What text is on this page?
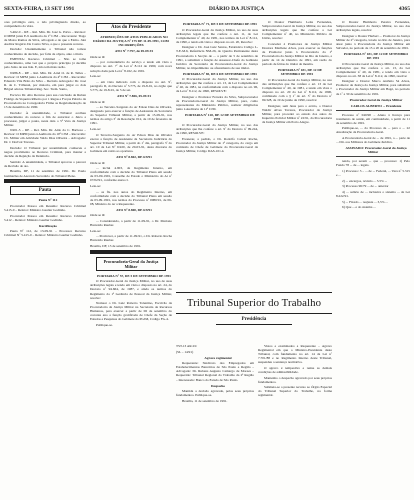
SEXTA-FEIRA, 13 SET 1991	DIÁRIO DA JUSTIÇA	4365

ores privilégio está, o não privilegiando direito, ao companheiro da vista.

5.462-0 – RE – Rel. Min. Dr. José G. Paiva – Revisor: O MPM junta E-9 Auditoria da 1ª CJM – Recorrente: Tiago de Matos Ramos da Silva, advogado e de que o Exmo. Juiz Auditor Rogério De Castro Silva, a que o presente recurso.

Decisão: Unanimemente o Tribunal não tomou conhecimento da decisão, por falta de objeto, ante o título.

EMENTA: Recurso Criminal – Não se toma conhecimento, uma vez que o próprio princípio já decidiu pelo Juízo de sua lide. E, não tem mais razão.

9.986-8 – RE – Rel. Min. Dr. Ariel O. de R. Telles – Revisor: O MPM junto à Auditoria da 4ª CJM – Recorrido: Eduardo Vila Brito da Silva – Decisão Advogado: Dr. José R. de C. Tribunal, por maioria, em para julgar os dois Brigad adotou Tribunal Reg. Sec. Trem. Santo,

Escrevo Dr. Alto Recurso para sua conclusão de Ruben Fidalgo de Siqueira Ribeiro por 1 Regas e Forças Palácio da Procuradoria na Corregedoria Firma as Regulamentação de 13 de dezembro de 1990.

Decisão: À unanimidade, o Tribunal acolheu conhecimento do recurso a fim de autorizar o Juízo a processar, julgar e pauta, nesta data o 5ª Vara da Justiça Militar.

9.901-5 – RE – Rel. Min. Dr. Aldo da C. Barbosa – Revisor: O MPM junto à Auditoria da 10ª CJM – Recorrido: Cb. Militar em Atividade Valdo Dias Oliveira – Advogado: Dr. J. Dorival Tavares.

Decisão: O Tribunal por unanimidade conheceu e negou provimento ao Recurso Criminal, para manter a decisão de Rejeição da Denúncia.

Sentido: A unanimidade, o Tribunal aprovou o parecer de Revisão do ato.

Brasília, DF, 11 de setembro de 1991. Dr. Paulo Guimarães de Azevedo Secretário do Tribunal Pleno.

Pauta

Pauta Nº 112

Procurador Pessoa em Resumo: Recurso Criminal 5.415-0 – Relator: Ministro Gualter Godinho.

Procurador Pessoa em Resumo: Recurso Criminal 5.412 – Relator: Ministro Gualter Godinho.

Rectificação

Pauta Nº 112, de 13-09-91 – Processo: Recurso Criminal Nº 5.415-0 – Relator: Ministro Gualter Godinho.

Atos do Presidente

ATRIBUIÇÕES DE ATOS PUBLICADOS NO DIÁRIO DA JUSTIÇA Nº 175 DE 11-09-1991, COM INCORREÇÕES

ATO Nº 7.797, de 05-09-91

Onde se lê:

... por conveniência do serviço e tendo em vista o disposto no Art. 7º da Lei nº 8.112 de 1990, com nova redação dada pela Lei nº 8.162, de 1991.

Leia-se:

... em vista indicado com o disposto no Art. 9º, parágrafo II, do Decreto nº 5.775, de 19-8-91, no órgão que 5.775, de 19-8-91, de 5 de set.

ATO Nº 7.806, 05-09-91

Onde se lê:

... ao Terceiro-Sargento do Ar Edson Dias de Oliveira, designado para exercer a função de Assistente da Secretaria do Superior Tribunal Militar, a partir de 15-09-91, nos termos do artigo 3º da Resolução 012, de 10 de fevereiro de 1991.

Leia-se:

O Terceiro-Sargento do Ar Edson Dias de Oliveira exerce a função de Assistente da Secretaria Judiciária do Superior Tribunal Militar, a partir do 1º dia, parágrafo 3º do art. 10 da Lei Nº 6.920, de 20-03-91, desta diretoria do Gabinete em razão ao oportuno.

ATO Nº 8.802, DE 6/9/91

Onde se lê:

... inclui 4.903, da Regimento Interno, em conformidade com a decisão do Tribunal Pleno em sessão de 03-09-1991, Conselho de Estado o Ministério do Ar nº 07/02/91, conforme anexo I.

Leia-se:

... as fls. nos autos do Regimento Interno, em conformidade com a decisão do Tribunal Pleno em sessão de 03-09-1991, nos termos do Processo nº 0080/91, de 06-08, Ministro do Ar a Requerente.

ATO Nº 8.800, DE 6/9/91

Onde se lê:

... Considerando, a partir de 11-09-91, o Dr. Mariano Harnoldo Rauber.

Leia-se:

... Promover, a partir de 11-09-91, o Dr. Roberto Rocha Harnoldo Rauber.

Brasília, DF, 13 de setembro de 1991.

Procuradoria-Geral da Justiça Militar

PORTARIA Nº 57, DE 5 DE SETEMBRO DE 1991

O Procurador-Geral da Justiça Militar, no uso de suas atribuições legais e tendo em vista o disposto no art. 24, do Decreto nº 94.664, de 1987, e ainda os termos do Regimento da 1ª Gerência de Pessoal da Justiça Militar, resolve:

Nomear o Dr. Luiz Roberto Tolentino, Escrivão da Procuradoria da Justiça Militar na Secretaria de Recursos Humanos, para exercer a partir de 06 de setembro do corrente ano a função gratificada de Chefe da Seção de Estudos e Pesquisas do Gabinete do PGJM, Código FG-4.

Publique-se.

PORTARIA Nº 71, DE 5 DE SETEMBRO DE 1991

O Procurador-Geral da Justiça Militar, no uso de suas atribuições legais que lhe confere o Art. 11, do Lei Complementar nº 40, de 1981, nos termos da Lei nº 8.112, de 1990, e tendo em vista o disposto no art. 20, Resolve:

Designar o Dr. José Luiz Santos, Estatística Código L-T-E-M.6, Referência NM-26, do Quadro Permanente desta Procuradoria à Secção de ... a partir de 5 de setembro de 1991, a substituir a função de Assessor-Chefe do Gabinete Jurídico da Secretaria da Procuradoria-Geral da Justiça Militar, no impedimento ou afastamento de sua titular.

PORTARIA Nº 85, DE 6 DE SETEMBRO DE 1991

O Procurador-Geral da Justiça Militar, no uso das atribuições que lhe confere o art. 13, da Lei Complementar nº 40, de 1981, na conformidade com o disposto no art. 96, da Lei nº 8.112, de 1990, RESOLVE:

Designar o Promotor Ferreira da Silva, Subprocurador da Procuradoria-Geral da Justiça Militar, para, como representante do Ministério Público, realizar diligências junto à Auditoria da 11ª CJM.

PORTARIA Nº 120, DE 12 DE SETEMBRO DE 1991

O Procurador-Geral da Justiça Militar, no uso das atribuições que lhe confere o art. 9º do Decreto nº 99.244, de 1990, RESOLVE:

Exonerar, a pedido, o Dr. Rodolfo Cabral Rocha, Procurador da Justiça Militar de 1ª categoria, do cargo em comissão de Chefe de Gabinete do Procurador-Geral da Justiça Militar, Código DAS-101.4.

O Doutor Humberto Leite Fernandes, Subprocurador-Geral da Justiça Militar, no uso das atribuições legais que lhe confere a Lei Complementar nº 40, no Ministério Público da União, resolve:

Conceder à Promotora de Justiça Militar Doutora Marilene Alves, para exercer as funções de Promotor junto à Procuradoria da 1ª Procuradoria da Justiça Militar no Rio de Janeiro, a partir de 14 de Outubro de 1991, em razão do período de férias do titular da mesma.

PORTARIA Nº 181, DE 12 DE SETEMBRO DE 1991

O Procurador-Geral da Justiça Militar, no uso das atribuições que lhe confere o art. 13 da Lei Complementar nº 40, de 1981, e tendo em vista o disposto no art. 20 da Lei nº 8.112, de 1990, combinado com o § 1º do art. 3º do Decreto nº 99.328, de 19 de junho de 1990, resolve:

Designar, sem ônus para o erário, o Doutor Waldir Alves Tavares, Procurador da Justiça Militar, para proceder ao estudo dos autos do Inquérito Policial Militar nº 22/91, da Procuradoria da Justiça Militar em Porto Alegre.

O Doutor Humberto Pereira Fernandes, Subprocurador-Geral da Justiça Militar, no uso das atribuições legais, resolve:

Designar o Doutor Herbert ... Promotor da Justiça Militar de 2ª categoria, lotado no Rio de Janeiro, para atuar junto à Procuradoria da Justiça Militar em Salvador, no período de 15 a 20 de setembro de 1991.

PORTARIA Nº 181, DE 12 DE SETEMBRO DE 1991

O Procurador-Geral da Justiça Militar, no uso das atribuições que lhe confere o art. 13, da Lei Complementar nº 40, de 1981, e tendo em vista o disposto no art. 38 da Lei nº 8.112, de 1990, resolve:

Designar o Doutor Marco Antônio Sá Alves, Promotor de Justiça da Justiça Militar, para substituir o Procurador da Justiça Militar em Bagé, no período de 1º a 30 de setembro de 1991.

Procurador-Geral da Justiça Militar

CARLOS ALBERTO ... Presidente

Processo nº 040/90 – Aluno à licença para tratamento de saúde, em continuidade, a partir de 11 de setembro de 1991.

Publique-se, ... do Processo de ... para o ... 22 Atualização da Procuradoria-Geral.

A Procuradoria-Geral de ... de 1991, a ... parte de ... Dir. aos Militares do Gabinete Jurídico.

ASSINADO: Procurador-Geral da Justiça Militar

tendo, por serem ... que ... processo: 1) Pelo Fundo 78 ... de ... legais.

1) Processo: 3 – ... de ... Federal, ... Vara nº 5.315 e ...

2) ... encargos, revisão ... 3.5% ...

3) Processo 96/79 ... de ... anterior

4) ... salário de ... inclusive o sistema ... da Lei 8.222/91.

5) ... Fixado ... reajuste ... 3,5% ...

6) Que ... e do sistema ...

Tribunal Superior do Trabalho
Presidência

TST-13 AR-91/

(SL – 14/91)

Agravo regimental

Requerente: Sindicato dos Empregados em Estabelecimentos Bancários de São Paulo e Região – Advogado: Dr. Rubens Augusto Camargo de Moraes – Requerido: Tribunal Regional do Trabalho da 2ª Região – Interessado: Banco do Estado de São Paulo.

Despacho

Mantida a decisão agravada, pelos seus próprios fundamentos. Publique-se.

Brasília, 11 de setembro de 1991.

Vistos e examinados a Requerente – Agravo Regimental em que o Ministro-Presidente deste Tribunal, com fundamento no art. 14 da Lei nº 7.701/88 e no Regimento Interno deste Tribunal, suspendeu a sentença normativa.

O agravo é tempestivo e reúne as demais condições de admissibilidade.

Mantenho o despacho agravado por seus próprios fundamentos.

Submeta-se o presente recurso ao Órgão Especial do Tribunal Superior do Trabalho, na forma regimental.
